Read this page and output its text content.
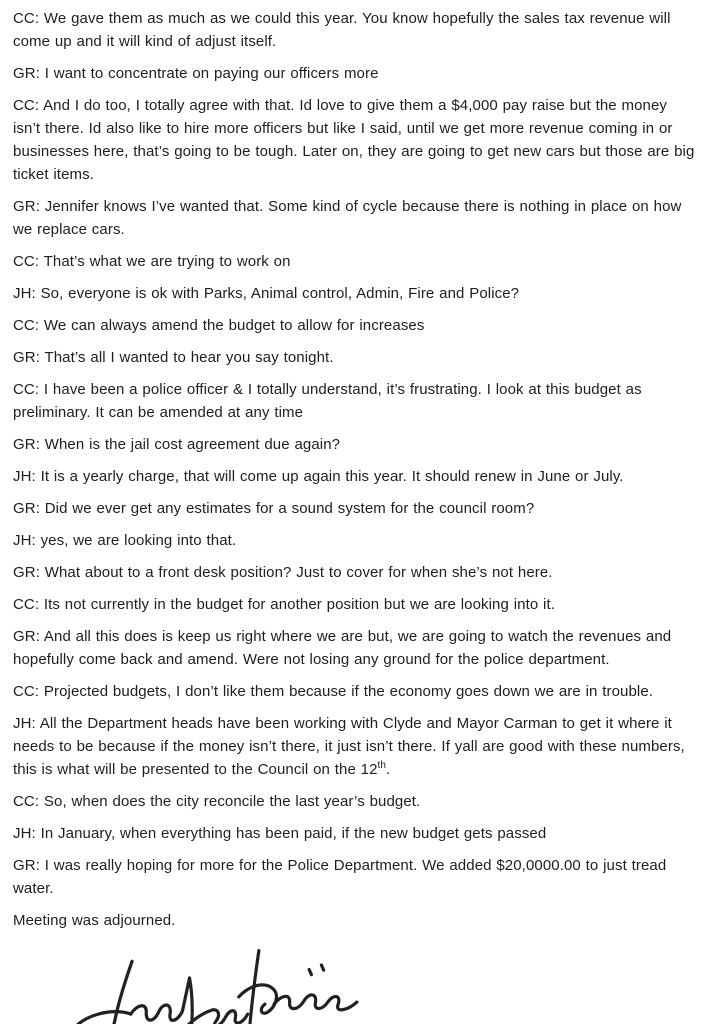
CC: We gave them as much as we could this year. You know hopefully the sales tax revenue will come up and it will kind of adjust itself.

GR: I want to concentrate on paying our officers more

CC: And I do too, I totally agree with that. Id love to give them a $4,000 pay raise but the money isn’t there. Id also like to hire more officers but like I said, until we get more revenue coming in or businesses here, that’s going to be tough. Later on, they are going to get new cars but those are big ticket items.

GR: Jennifer knows I’ve wanted that. Some kind of cycle because there is nothing in place on how we replace cars.

CC: That’s what we are trying to work on

JH: So, everyone is ok with Parks, Animal control, Admin, Fire and Police?

CC: We can always amend the budget to allow for increases

GR: That’s all I wanted to hear you say tonight.

CC: I have been a police officer & I totally understand, it’s frustrating. I look at this budget as preliminary. It can be amended at any time

GR: When is the jail cost agreement due again?

JH: It is a yearly charge, that will come up again this year. It should renew in June or July.

GR: Did we ever get any estimates for a sound system for the council room?

JH: yes, we are looking into that.

GR: What about to a front desk position? Just to cover for when she’s not here.

CC: Its not currently in the budget for another position but we are looking into it.

GR: And all this does is keep us right where we are but, we are going to watch the revenues and hopefully come back and amend. Were not losing any ground for the police department.

CC: Projected budgets, I don’t like them because if the economy goes down we are in trouble.

JH: All the Department heads have been working with Clyde and Mayor Carman to get it where it needs to be because if the money isn’t there, it just isn’t there. If yall are good with these numbers, this is what will be presented to the Council on the 12th.

CC: So, when does the city reconcile the last year’s budget.

JH: In January, when everything has been paid, if the new budget gets passed

GR: I was really hoping for more for the Police Department. We added $20,0000.00 to just tread water.

Meeting was adjourned.
